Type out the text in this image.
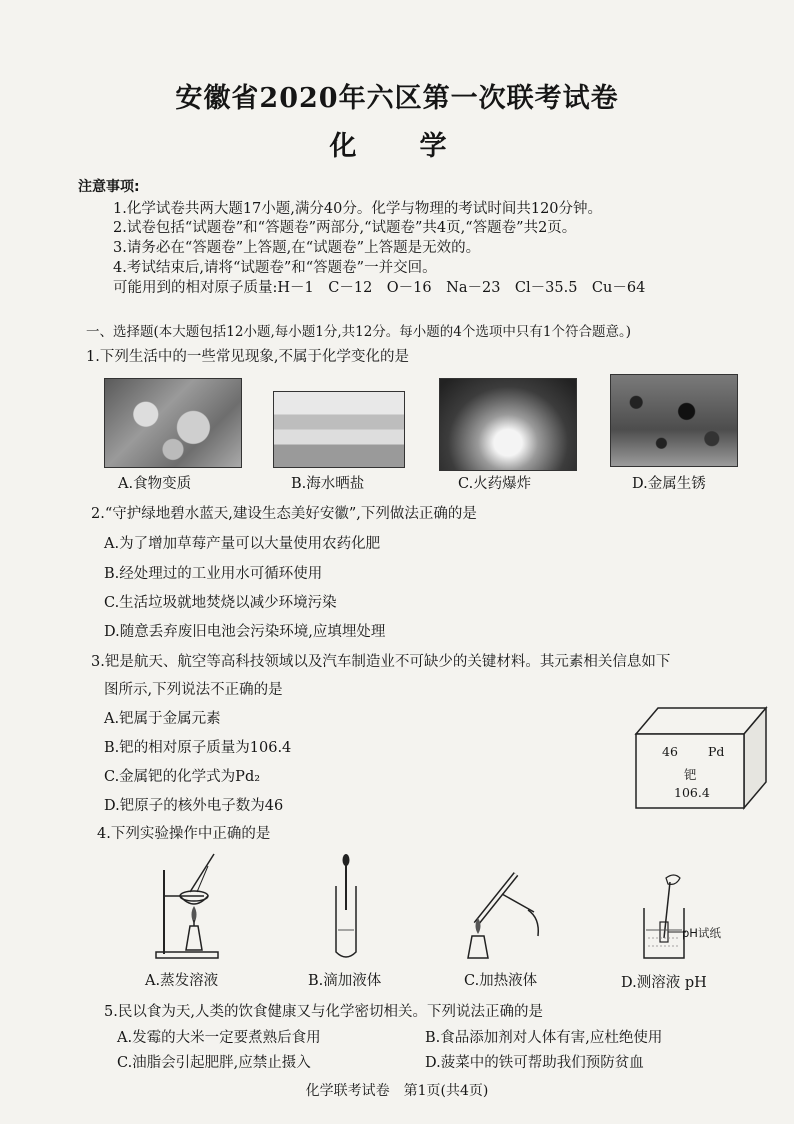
安徽省2020年六区第一次联考试卷
化　学
注意事项:
1.化学试卷共两大题17小题,满分40分。化学与物理的考试时间共120分钟。
2.试卷包括“试题卷”和“答题卷”两部分,“试题卷”共4页,“答题卷”共2页。
3.请务必在“答题卷”上答题,在“试题卷”上答题是无效的。
4.考试结束后,请将“试题卷”和“答题卷”一并交回。
可能用到的相对原子质量:H－1　C－12　O－16　Na－23　Cl－35.5　Cu－64
一、选择题(本大题包括12小题,每小题1分,共12分。每小题的4个选项中只有1个符合题意。)
1.下列生活中的一些常见现象,不属于化学变化的是
A.食物变质	B.海水晒盐	C.火药爆炸	D.金属生锈
2.“守护绿地碧水蓝天,建设生态美好安徽”,下列做法正确的是
A.为了增加草莓产量可以大量使用农药化肥
B.经处理过的工业用水可循环使用
C.生活垃圾就地焚烧以减少环境污染
D.随意丢弃废旧电池会污染环境,应填埋处理
3.钯是航天、航空等高科技领域以及汽车制造业不可缺少的关键材料。其元素相关信息如下
图所示,下列说法不正确的是
A.钯属于金属元素
B.钯的相对原子质量为106.4
C.金属钯的化学式为Pd₂
D.钯原子的核外电子数为46
46 Pd
钯
106.4
4.下列实验操作中正确的是
A.蒸发溶液	B.滴加液体	C.加热液体
pH试纸
D.测溶液 pH
5.民以食为天,人类的饮食健康又与化学密切相关。下列说法正确的是
A.发霉的大米一定要煮熟后食用	B.食品添加剂对人体有害,应杜绝使用
C.油脂会引起肥胖,应禁止摄入	D.菠菜中的铁可帮助我们预防贫血
化学联考试卷　第1页(共4页)
